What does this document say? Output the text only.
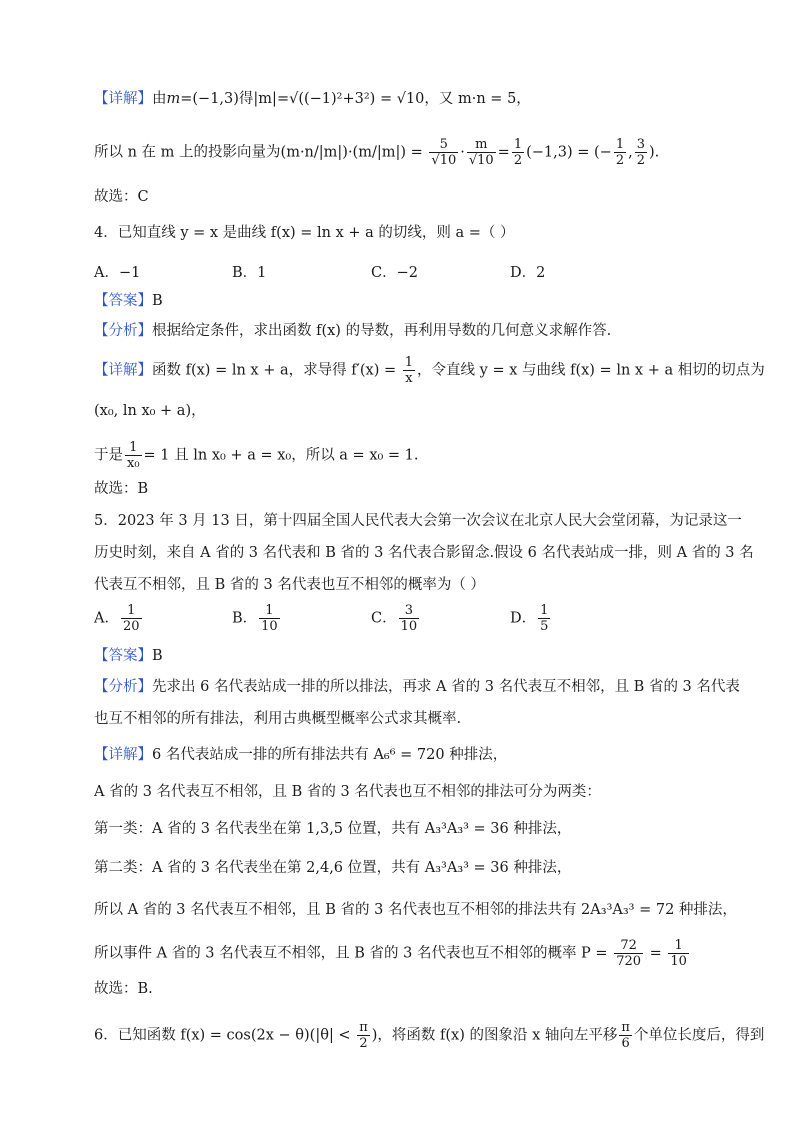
【详解】由m=(−1,3)得|m|=√((−1)²+3²) = √10，又 m·n = 5，
所以 n 在 m 上的投影向量为$(m\cdot n/|m|)\cdot(m/|m|) = \frac{5}{√10} \cdot \frac{m}{√10} = \frac{1}{2} (-1,3)$ = (− $\frac{1}{2}$ , $\frac{3}{2}$ ).
故选：C
4．已知直线 y = x 是曲线 f(x) = ln x + a 的切线，则 a =（ ）
A．−1	B．1	C．−2	D．2
【答案】B
【分析】根据给定条件，求出函数 f(x) 的导数，再利用导数的几何意义求解作答.
【详解】函数 f(x) = ln x + a，求导得 $f'(x) = \frac{1}{x}$ ，令直线 y = x 与曲线 f(x) = ln x + a 相切的切点为
(x₀, ln x₀ + a)，
于是 $\frac{1}{\text{x₀}} = 1$ 且 ln x₀ + a = x₀，所以 a = x₀ = 1.
故选：B
5．2023 年 3 月 13 日，第十四届全国人民代表大会第一次会议在北京人民大会堂闭幕，为记录这一
历史时刻，来自 A 省的 3 名代表和 B 省的 3 名代表合影留念.假设 6 名代表站成一排，则 A 省的 3 名
代表互不相邻，且 B 省的 3 名代表也互不相邻的概率为（ ）
A． $\frac{1}{20}$	B． $\frac{1}{10}$	C． $\frac{3}{10}$	D． $\frac{1}{5}$
【答案】B
【分析】先求出 6 名代表站成一排的所以排法，再求 A 省的 3 名代表互不相邻，且 B 省的 3 名代表
也互不相邻的所有排法，利用古典概型概率公式求其概率.
【详解】6 名代表站成一排的所有排法共有 A₆⁶ = 720 种排法，
A 省的 3 名代表互不相邻，且 B 省的 3 名代表也互不相邻的排法可分为两类：
第一类：A 省的 3 名代表坐在第 1,3,5 位置，共有 A₃³A₃³ = 36 种排法，
第二类：A 省的 3 名代表坐在第 2,4,6 位置，共有 A₃³A₃³ = 36 种排法，
所以 A 省的 3 名代表互不相邻，且 B 省的 3 名代表也互不相邻的排法共有 2A₃³A₃³ = 72 种排法，
所以事件 A 省的 3 名代表互不相邻，且 B 省的 3 名代表也互不相邻的概率 $P = \frac{72}{720} = \frac{1}{10}$
故选：B.
6．已知函数 $f(x) = \cos(2x - \theta)(|\theta| < \frac{\pi}{2}$ )，将函数 f(x) 的图象沿 x 轴向左平移 $\frac{\pi}{6}$ 个单位长度后，得到
